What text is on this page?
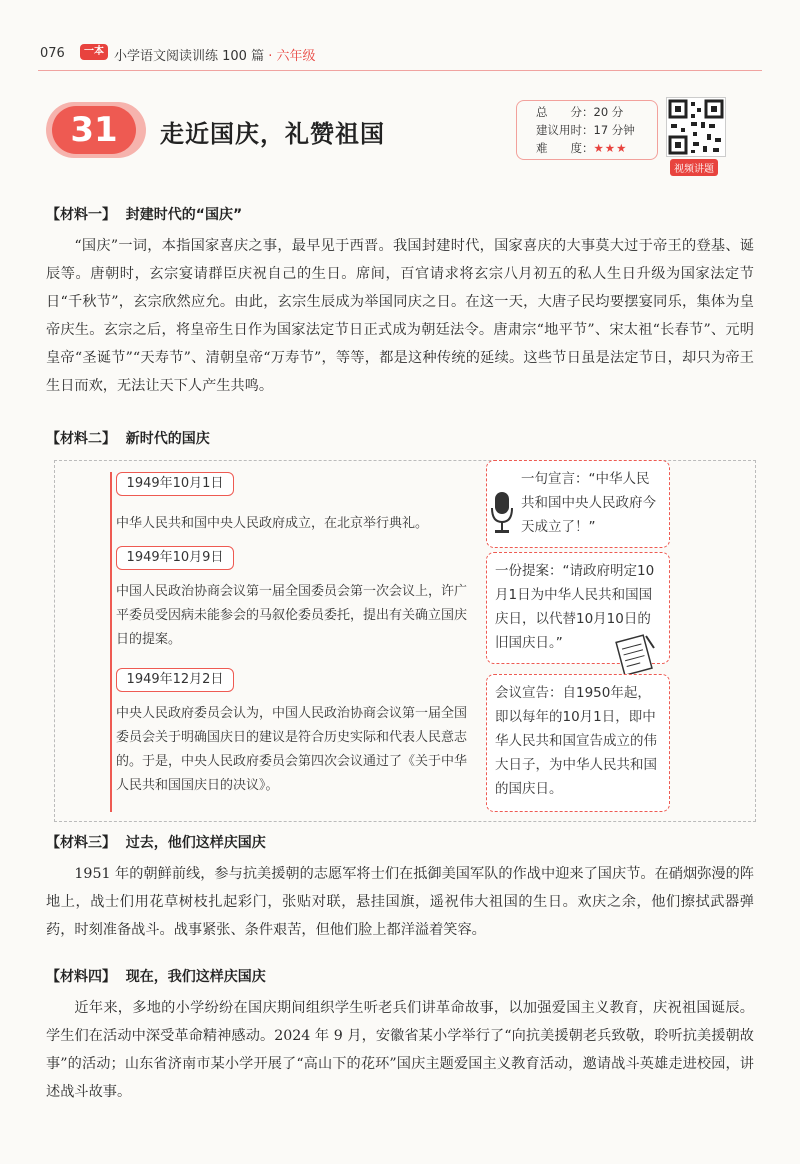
076	一本 小学语文阅读训练 100 篇 · 六年级
31	走近国庆，礼赞祖国
总　　分：20 分
建议用时：17 分钟
难　　度：★★★
视频讲题
【材料一】 封建时代的“国庆”
“国庆”一词，本指国家喜庆之事，最早见于西晋。我国封建时代，国家喜庆的大事莫大过于帝王的登基、诞辰等。唐朝时，玄宗宴请群臣庆祝自己的生日。席间，百官请求将玄宗八月初五的私人生日升级为国家法定节日“千秋节”，玄宗欣然应允。由此，玄宗生辰成为举国同庆之日。在这一天，大唐子民均要摆宴同乐，集体为皇帝庆生。玄宗之后，将皇帝生日作为国家法定节日正式成为朝廷法令。唐肃宗“地平节”、宋太祖“长春节”、元明皇帝“圣诞节”“天寿节”、清朝皇帝“万寿节”，等等，都是这种传统的延续。这些节日虽是法定节日，却只为帝王生日而欢，无法让天下人产生共鸣。
【材料二】 新时代的国庆
1949年10月1日
中华人民共和国中央人民政府成立，在北京举行典礼。
1949年10月9日
中国人民政治协商会议第一届全国委员会第一次会议上，许广平委员受因病未能参会的马叙伦委员委托，提出有关确立国庆日的提案。
1949年12月2日
中央人民政府委员会认为，中国人民政治协商会议第一届全国委员会关于明确国庆日的建议是符合历史实际和代表人民意志的。于是，中央人民政府委员会第四次会议通过了《关于中华人民共和国国庆日的决议》。
一句宣言：“中华人民共和国中央人民政府今天成立了！”
一份提案：“请政府明定10月1日为中华人民共和国国庆日，以代替10月10日的旧国庆日。”
会议宣告：自1950年起，即以每年的10月1日，即中华人民共和国宣告成立的伟大日子，为中华人民共和国的国庆日。
【材料三】 过去，他们这样庆国庆
1951 年的朝鲜前线，参与抗美援朝的志愿军将士们在抵御美国军队的作战中迎来了国庆节。在硝烟弥漫的阵地上，战士们用花草树枝扎起彩门，张贴对联，悬挂国旗，遥祝伟大祖国的生日。欢庆之余，他们擦拭武器弹药，时刻准备战斗。战事紧张、条件艰苦，但他们脸上都洋溢着笑容。
【材料四】 现在，我们这样庆国庆
近年来，多地的小学纷纷在国庆期间组织学生听老兵们讲革命故事，以加强爱国主义教育，庆祝祖国诞辰。学生们在活动中深受革命精神感动。2024 年 9 月，安徽省某小学举行了“向抗美援朝老兵致敬，聆听抗美援朝故事”的活动；山东省济南市某小学开展了“高山下的花环”国庆主题爱国主义教育活动，邀请战斗英雄走进校园，讲述战斗故事。
